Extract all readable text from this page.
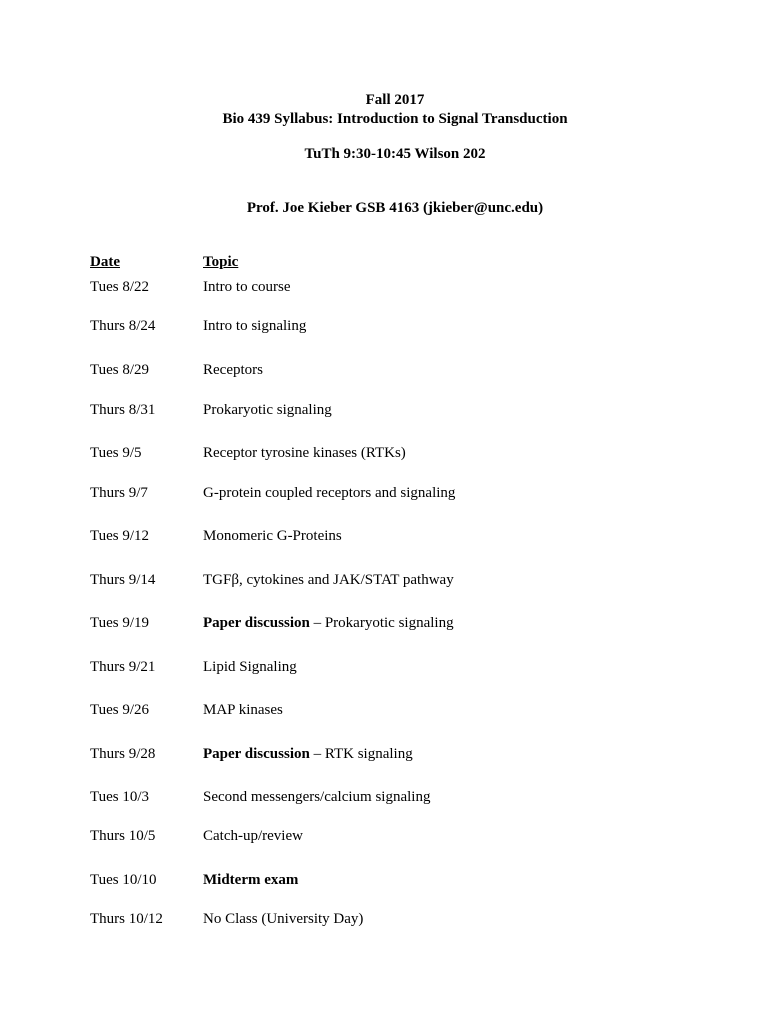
Fall 2017
Bio 439 Syllabus: Introduction to Signal Transduction
TuTh 9:30-10:45 Wilson 202
Prof. Joe Kieber GSB 4163 (jkieber@unc.edu)
Date	Topic
Tues 8/22	Intro to course
Thurs 8/24	Intro to signaling
Tues 8/29	Receptors
Thurs 8/31	Prokaryotic signaling
Tues 9/5	Receptor tyrosine kinases (RTKs)
Thurs 9/7	G-protein coupled receptors and signaling
Tues 9/12	Monomeric G-Proteins
Thurs 9/14	TGFβ, cytokines and JAK/STAT pathway
Tues 9/19	Paper discussion – Prokaryotic signaling
Thurs 9/21	Lipid Signaling
Tues 9/26	MAP kinases
Thurs 9/28	Paper discussion – RTK signaling
Tues 10/3	Second messengers/calcium signaling
Thurs 10/5	Catch-up/review
Tues 10/10	Midterm exam
Thurs 10/12	No Class (University Day)
